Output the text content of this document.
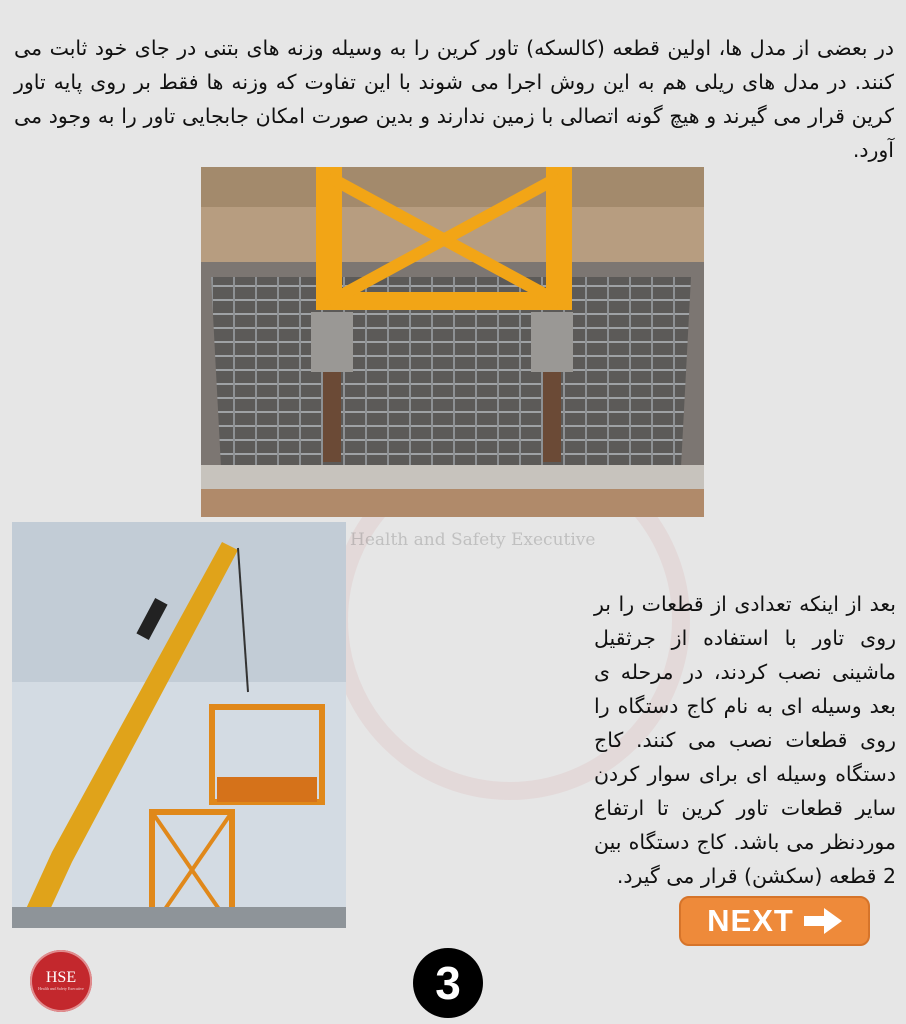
Health and Safety Executive

در بعضی از مدل ها، اولین قطعه (کالسکه) تاور کرین را به وسیله وزنه های بتنی در جای خود ثابت می کنند. در مدل های ریلی هم به این روش اجرا می شوند با این تفاوت که وزنه ها فقط بر روی پایه تاور کرین قرار می گیرند و هیچ گونه اتصالی با زمین ندارند و بدین صورت امکان جابجایی تاور را به وجود می آورد.

بعد از اینکه تعدادی از قطعات را بر روی تاور با استفاده از جرثقیل ماشینی نصب کردند، در مرحله ی بعد وسیله ای به نام کاج دستگاه را روی قطعات نصب می کنند. کاج دستگاه وسیله ای برای سوار کردن سایر قطعات تاور کرین تا ارتفاع موردنظر می باشد. کاج دستگاه بین 2 قطعه (سکشن) قرار می گیرد.

NEXT
3
HSE
Health and Safety Executive
